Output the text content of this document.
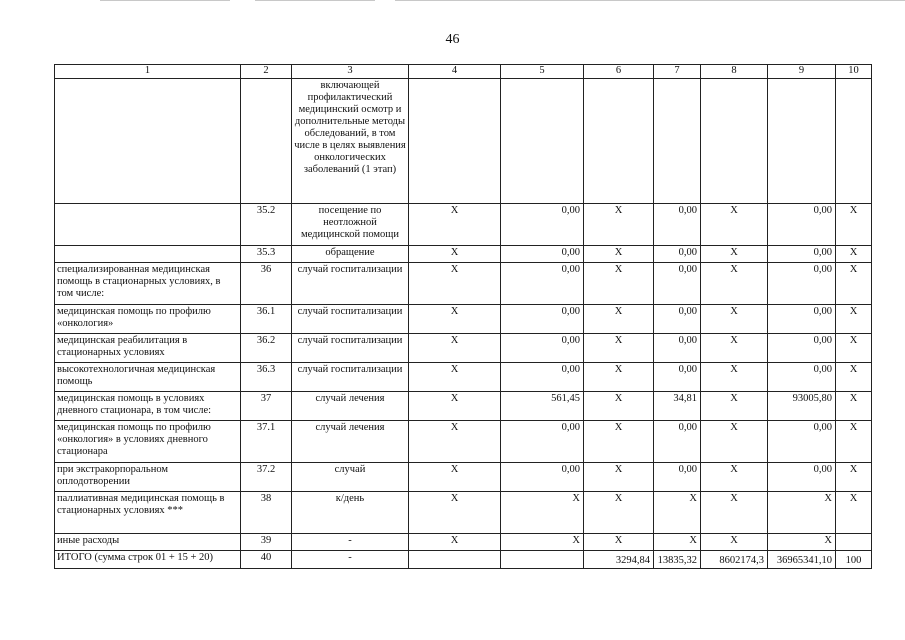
46
1	2	3	4	5	6	7	8	9	10
		включающей профилактический медицинский осмотр и дополнительные методы обследований, в том числе в целях выявления онкологических заболеваний (1 этап)							
	35.2	посещение по неотложной медицинской помощи	X	0,00	X	0,00	X	0,00	X
	35.3	обращение	X	0,00	X	0,00	X	0,00	X
специализированная медицинская помощь в стационарных условиях, в том числе:	36	случай госпитализации	X	0,00	X	0,00	X	0,00	X
медицинская помощь по профилю «онкология»	36.1	случай госпитализации	X	0,00	X	0,00	X	0,00	X
медицинская реабилитация в стационарных условиях	36.2	случай госпитализации	X	0,00	X	0,00	X	0,00	X
высокотехнологичная медицинская помощь	36.3	случай госпитализации	X	0,00	X	0,00	X	0,00	X
медицинская помощь в условиях дневного стационара, в том числе:	37	случай лечения	X	561,45	X	34,81	X	93005,80	X
медицинская помощь по профилю «онкология» в условиях дневного стационара	37.1	случай лечения	X	0,00	X	0,00	X	0,00	X
при экстракорпоральном оплодотворении	37.2	случай	X	0,00	X	0,00	X	0,00	X
паллиативная медицинская помощь в стационарных условиях ***	38	к/день	X	X	X	X	X	X	X
иные расходы	39	-	X	X	X	X	X	X	
ИТОГО (сумма строк 01 + 15 + 20)	40	-			3294,84	13835,32	8602174,3	36965341,10	100
